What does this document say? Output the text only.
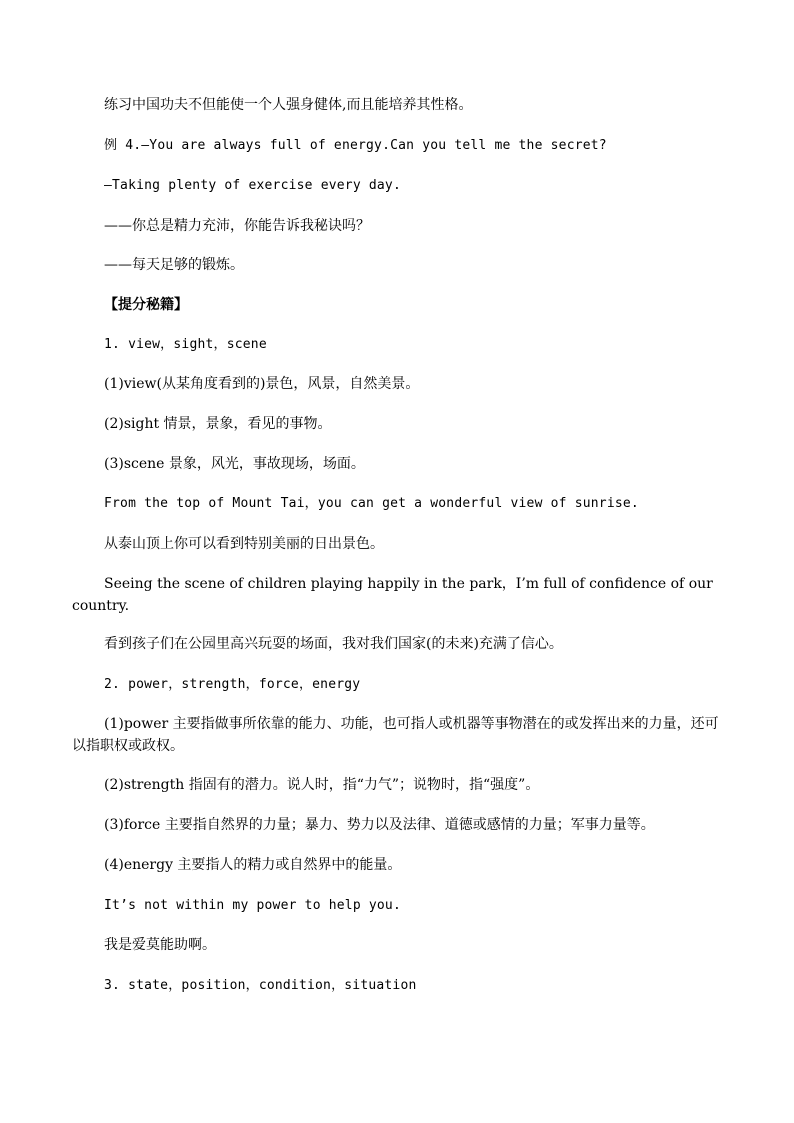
练习中国功夫不但能使一个人强身健体,而且能培养其性格。
例 4.—You are always full of energy.Can you tell me the secret?
—Taking plenty of exercise every day.
——你总是精力充沛，你能告诉我秘诀吗？
——每天足够的锻炼。
【提分秘籍】
1. view，sight，scene
(1)view(从某角度看到的)景色，风景，自然美景。
(2)sight 情景，景象，看见的事物。
(3)scene 景象，风光，事故现场，场面。
From the top of Mount Tai，you can get a wonderful view of sunrise.
从泰山顶上你可以看到特别美丽的日出景色。
Seeing the scene of children playing happily in the park，I’m full of confidence of our country.
看到孩子们在公园里高兴玩耍的场面，我对我们国家(的未来)充满了信心。
2. power，strength，force，energy
(1)power 主要指做事所依靠的能力、功能，也可指人或机器等事物潜在的或发挥出来的力量，还可以指职权或政权。
(2)strength 指固有的潜力。说人时，指“力气”；说物时，指“强度”。
(3)force 主要指自然界的力量；暴力、势力以及法律、道德或感情的力量；军事力量等。
(4)energy 主要指人的精力或自然界中的能量。
It’s not within my power to help you.
我是爱莫能助啊。
3. state，position，condition，situation
